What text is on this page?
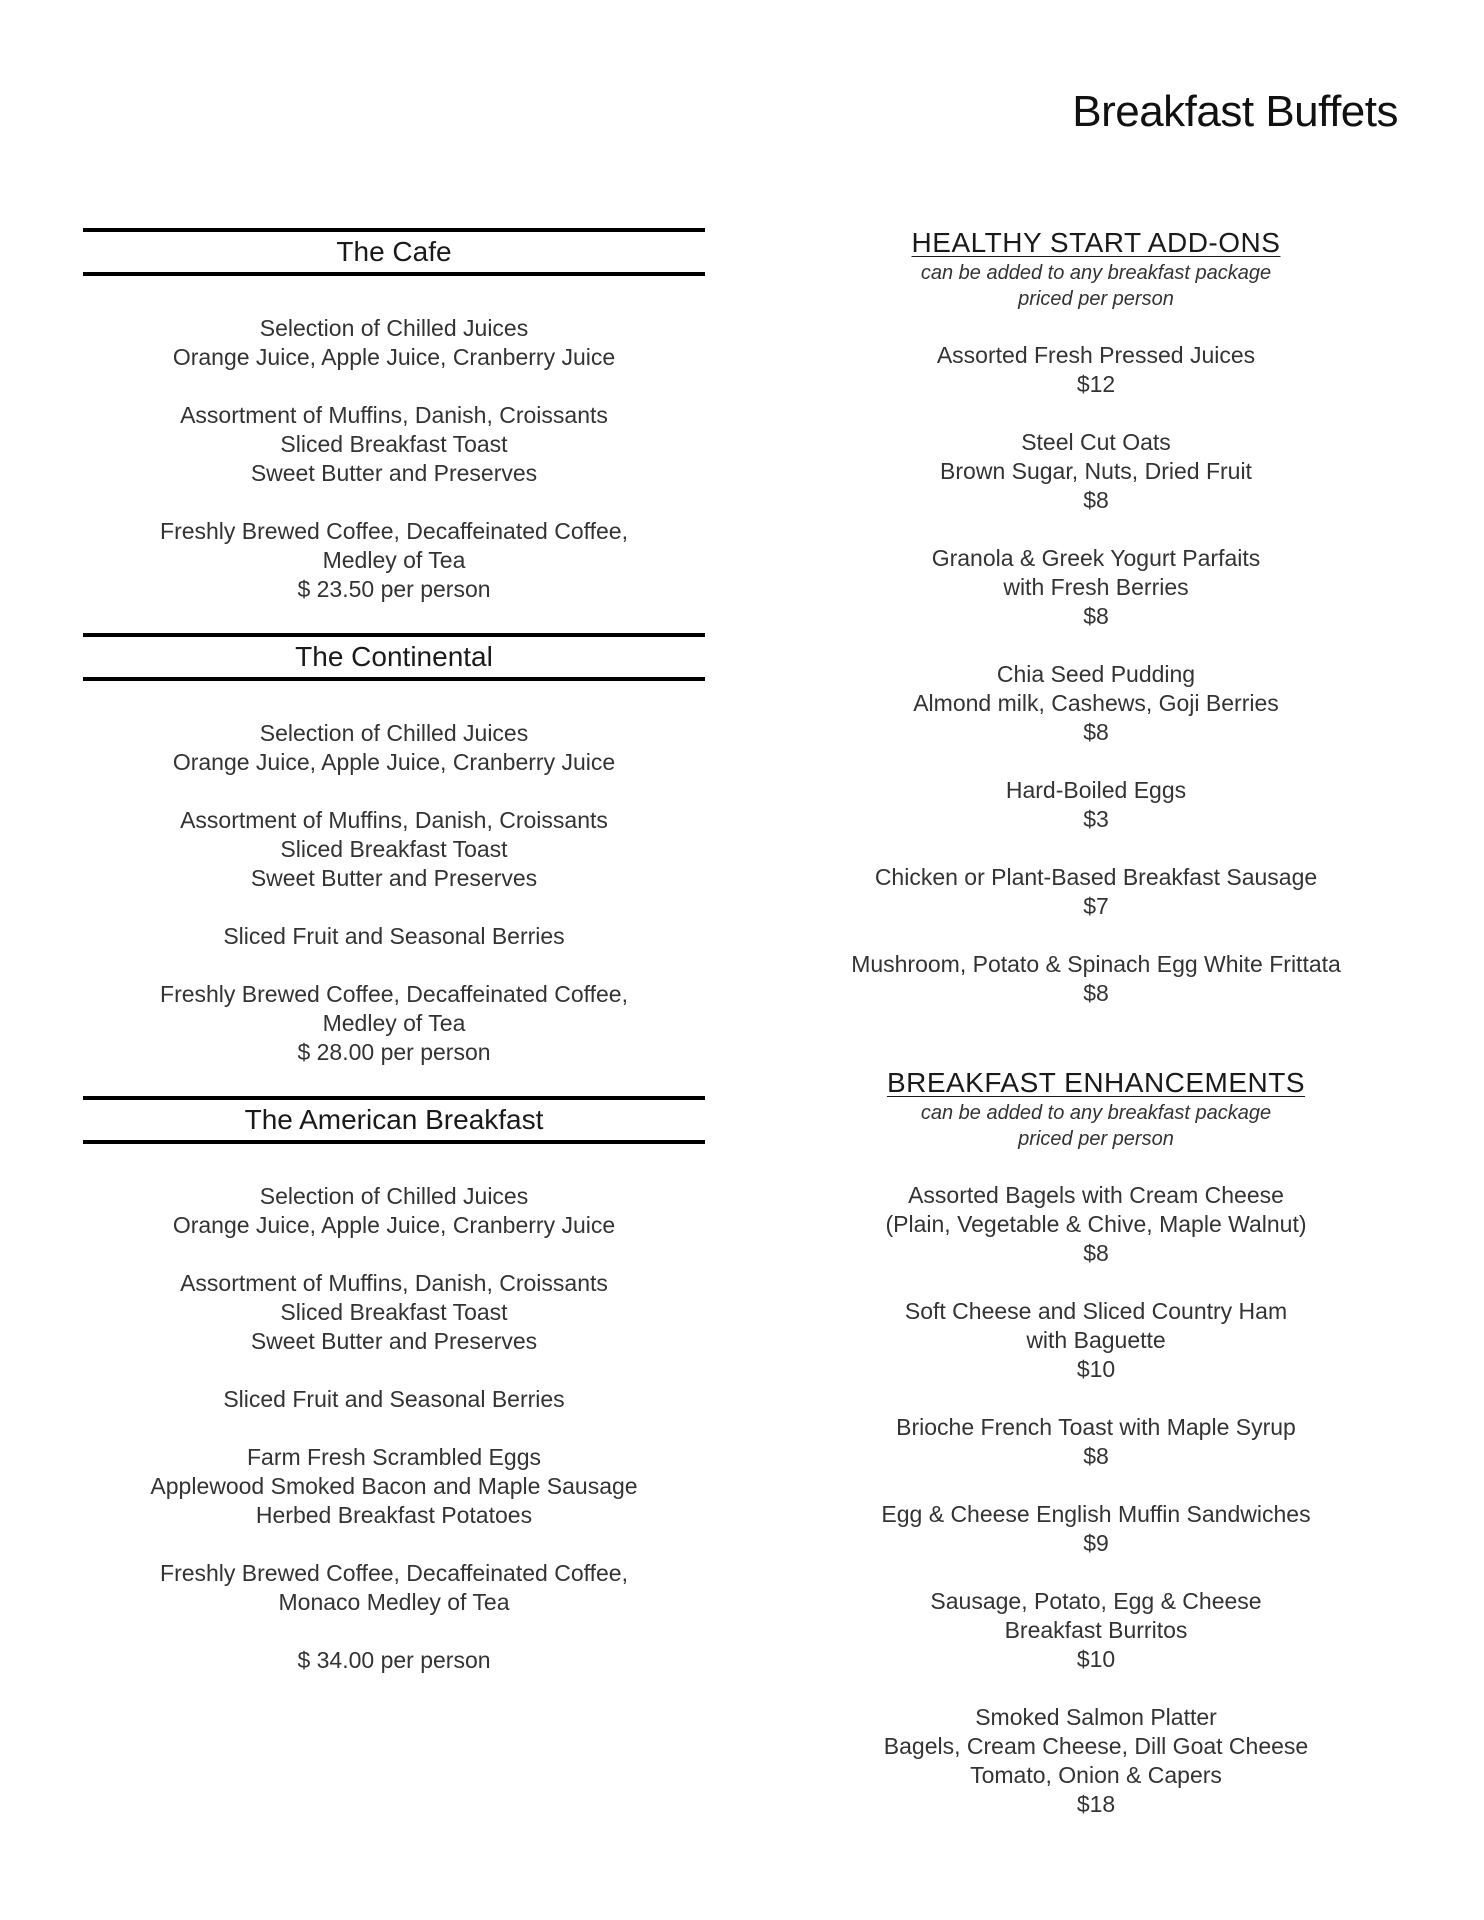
Breakfast Buffets
The Cafe
Selection of Chilled Juices
Orange Juice, Apple Juice, Cranberry Juice
Assortment of Muffins, Danish, Croissants
Sliced Breakfast Toast
Sweet Butter and Preserves
Freshly Brewed Coffee, Decaffeinated Coffee,
Medley of Tea
$ 23.50 per person
The Continental
Selection of Chilled Juices
Orange Juice, Apple Juice, Cranberry Juice
Assortment of Muffins, Danish, Croissants
Sliced Breakfast Toast
Sweet Butter and Preserves
Sliced Fruit and Seasonal Berries
Freshly Brewed Coffee, Decaffeinated Coffee,
Medley of Tea
$ 28.00 per person
The American Breakfast
Selection of Chilled Juices
Orange Juice, Apple Juice, Cranberry Juice
Assortment of Muffins, Danish, Croissants
Sliced Breakfast Toast
Sweet Butter and Preserves
Sliced Fruit and Seasonal Berries
Farm Fresh Scrambled Eggs
Applewood Smoked Bacon and Maple Sausage
Herbed Breakfast Potatoes
Freshly Brewed Coffee, Decaffeinated Coffee,
Monaco Medley of Tea
$ 34.00 per person
HEALTHY START ADD-ONS
can be added to any breakfast package
priced per person
Assorted Fresh Pressed Juices
$12
Steel Cut Oats
Brown Sugar, Nuts, Dried Fruit
$8
Granola & Greek Yogurt Parfaits
with Fresh Berries
$8
Chia Seed Pudding
Almond milk, Cashews, Goji Berries
$8
Hard-Boiled Eggs
$3
Chicken or Plant-Based Breakfast Sausage
$7
Mushroom, Potato & Spinach Egg White Frittata
$8
BREAKFAST ENHANCEMENTS
can be added to any breakfast package
priced per person
Assorted Bagels with Cream Cheese
(Plain, Vegetable & Chive, Maple Walnut)
$8
Soft Cheese and Sliced Country Ham
with Baguette
$10
Brioche French Toast with Maple Syrup
$8
Egg & Cheese English Muffin Sandwiches
$9
Sausage, Potato, Egg & Cheese
Breakfast Burritos
$10
Smoked Salmon Platter
Bagels, Cream Cheese, Dill Goat Cheese
Tomato, Onion & Capers
$18
